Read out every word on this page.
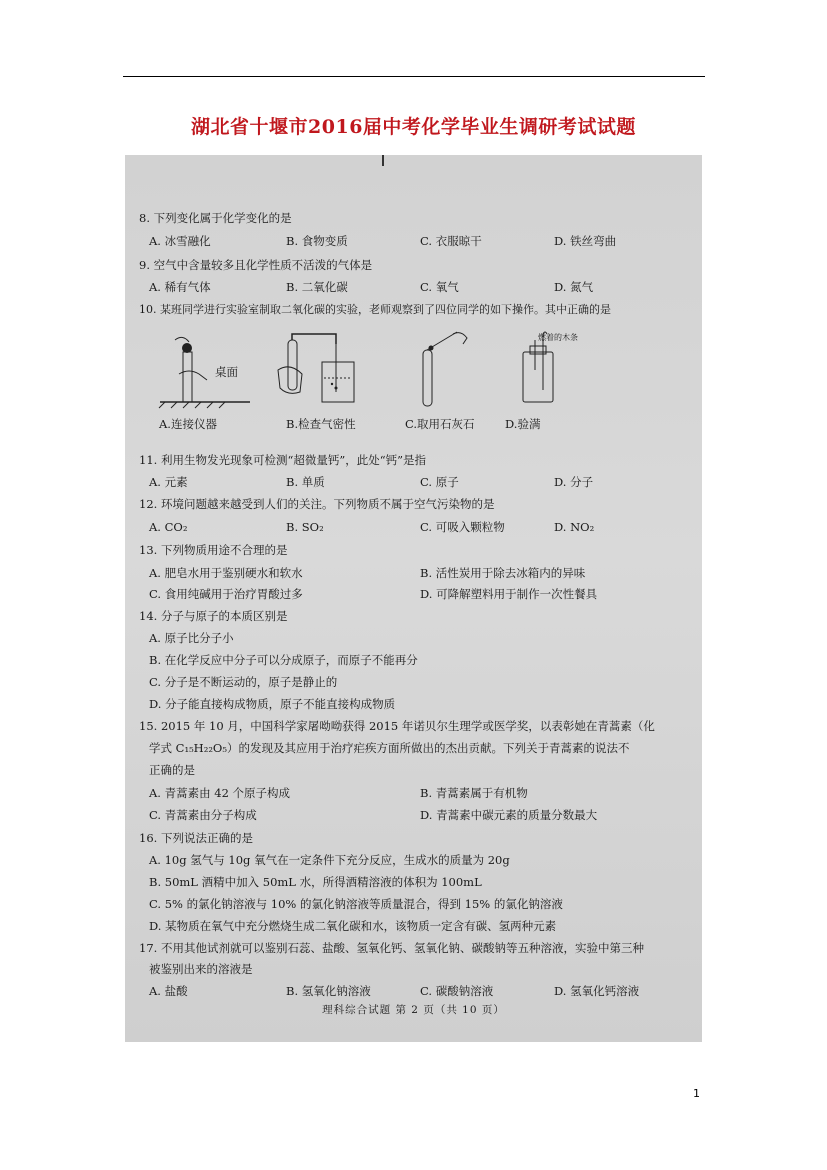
湖北省十堰市2016届中考化学毕业生调研考试试题
8. 下列变化属于化学变化的是
A. 冰雪融化	B. 食物变质	C. 衣服晾干	D. 铁丝弯曲
9. 空气中含量较多且化学性质不活泼的气体是
A. 稀有气体	B. 二氧化碳	C. 氧气	D. 氮气
10. 某班同学进行实验室制取二氧化碳的实验，老师观察到了四位同学的如下操作。其中正确的是
桌面
燃着的木条
A.连接仪器	B.检查气密性	C.取用石灰石	D.验满
11. 利用生物发光现象可检测“超微量钙”，此处“钙”是指
A. 元素	B. 单质	C. 原子	D. 分子
12. 环境问题越来越受到人们的关注。下列物质不属于空气污染物的是
A. CO₂	B. SO₂	C. 可吸入颗粒物	D. NO₂
13. 下列物质用途不合理的是
A. 肥皂水用于鉴别硬水和软水	B. 活性炭用于除去冰箱内的异味
C. 食用纯碱用于治疗胃酸过多	D. 可降解塑料用于制作一次性餐具
14. 分子与原子的本质区别是
A. 原子比分子小
B. 在化学反应中分子可以分成原子，而原子不能再分
C. 分子是不断运动的，原子是静止的
D. 分子能直接构成物质，原子不能直接构成物质
15. 2015 年 10 月，中国科学家屠呦呦获得 2015 年诺贝尔生理学或医学奖，以表彰她在青蒿素（化
学式 C₁₅H₂₂O₅）的发现及其应用于治疗疟疾方面所做出的杰出贡献。下列关于青蒿素的说法不
正确的是
A. 青蒿素由 42 个原子构成	B. 青蒿素属于有机物
C. 青蒿素由分子构成	D. 青蒿素中碳元素的质量分数最大
16. 下列说法正确的是
A. 10g 氢气与 10g 氧气在一定条件下充分反应，生成水的质量为 20g
B. 50mL 酒精中加入 50mL 水，所得酒精溶液的体积为 100mL
C. 5% 的氯化钠溶液与 10% 的氯化钠溶液等质量混合，得到 15% 的氯化钠溶液
D. 某物质在氧气中充分燃烧生成二氧化碳和水，该物质一定含有碳、氢两种元素
17. 不用其他试剂就可以鉴别石蕊、盐酸、氢氧化钙、氢氧化钠、碳酸钠等五种溶液，实验中第三种
被鉴别出来的溶液是
A. 盐酸	B. 氢氧化钠溶液	C. 碳酸钠溶液	D. 氢氧化钙溶液
理科综合试题 第 2 页（共 10 页）
1
